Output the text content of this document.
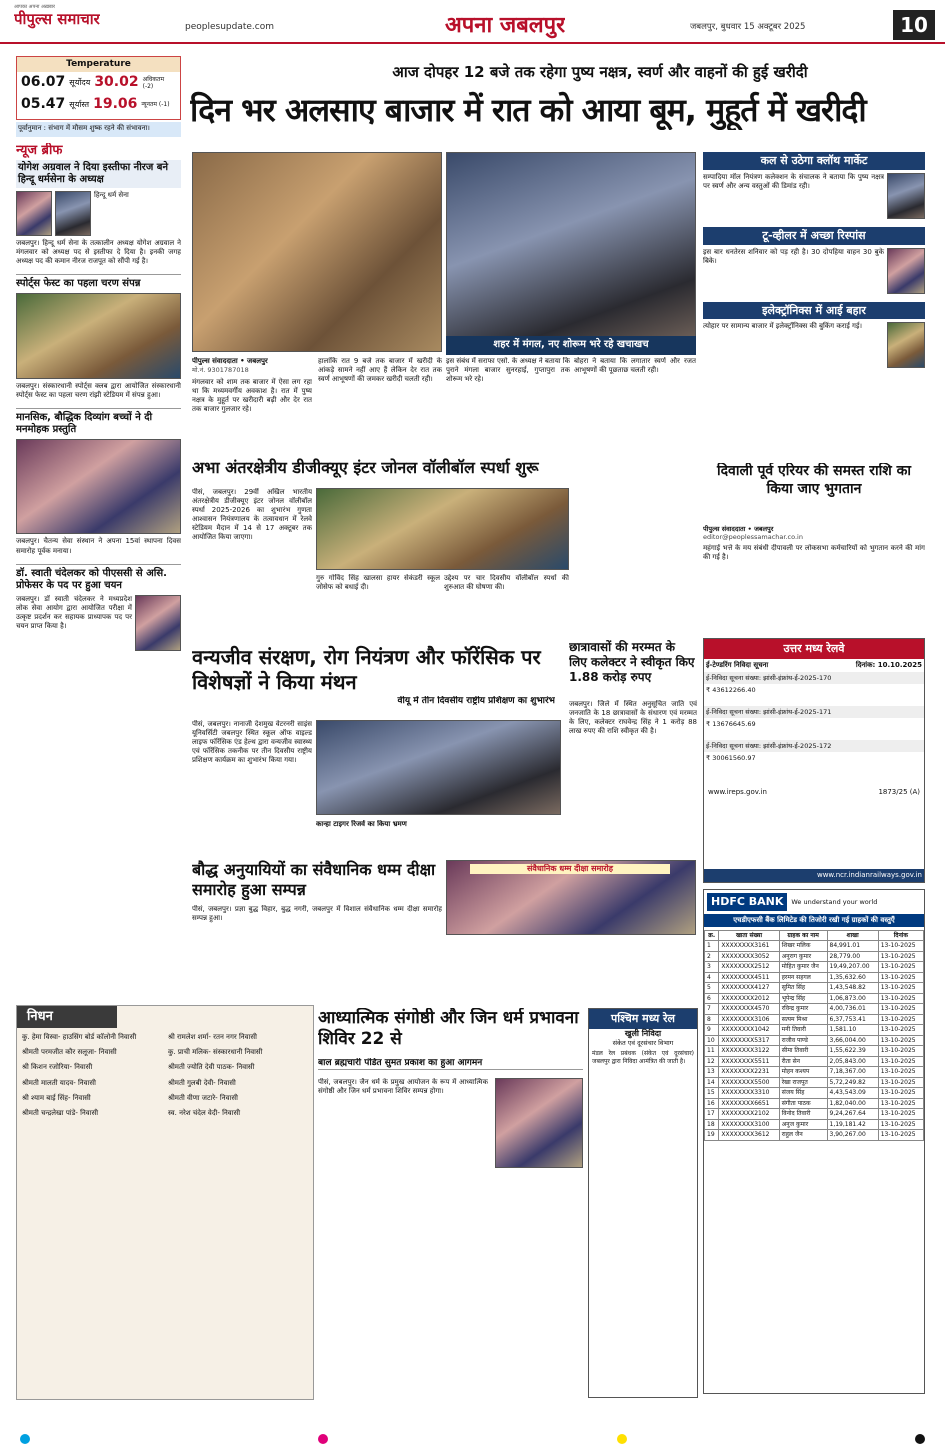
आपका अपना अख़बार
पीपुल्स समाचार	peoplesupdate.com	अपना जबलपुर	जबलपुर, बुधवार 15 अक्टूबर 2025	10
Temperature
06.07 सूर्योदय 30.02 अधिकतम (-2)
05.47 सूर्यास्त 19.06 न्यूनतम (-1)
पूर्वानुमान : संभाग में मौसम शुष्क रहने की संभावना।
आज दोपहर 12 बजे तक रहेगा पुष्य नक्षत्र, स्वर्ण और वाहनों की हुई खरीदी
दिन भर अलसाए बाजार में रात को आया बूम, मुहूर्त में खरीदी
न्यूज ब्रीफ
योगेश अग्रवाल ने दिया इस्तीफा नीरज बने हिन्दू धर्मसेना के अध्यक्ष
हिन्दू धर्म सेना
जबलपुर। हिन्दू धर्म सेना के तत्कालीन अध्यक्ष योगेश अग्रवाल ने मंगलवार को अध्यक्ष पद से इस्तीफा दे दिया है। इनकी जगह अध्यक्ष पद की कमान नीरज राजपूत को सौंपी गई है।
स्पोर्ट्स फेस्ट का पहला चरण संपन्न
जबलपुर। संस्कारधानी स्पोर्ट्स क्लब द्वारा आयोजित संस्कारधानी स्पोर्ट्स फेस्ट का पहला चरण रांझी स्टेडियम में संपन्न हुआ।
मानसिक, बौद्धिक दिव्यांग बच्चों ने दी मनमोहक प्रस्तुति
जबलपुर। चैतन्य सेवा संस्थान ने अपना 15वां स्थापना दिवस समारोह पूर्वक मनाया।
डॉ. स्वाती चंदेलकर को पीएससी से असि. प्रोफेसर के पद पर हुआ चयन
जबलपुर। डॉ स्वाती चंदेलकर ने मध्यप्रदेश लोक सेवा आयोग द्वारा आयोजित परीक्षा में उत्कृष्ट प्रदर्शन कर सहायक प्राध्यापक पद पर चयन प्राप्त किया है।
शहर में मंगल, नए शोरूम भरे रहे खचाखच
पीपुल्स संवाददाता • जबलपुर
मो.नं. 9301787018
मंगलवार को शाम तक बाजार में ऐसा लग रहा था कि मध्यमवर्गीय अवकाश है। रात में पुष्य नक्षत्र के मुहूर्त पर खरीदारी बढ़ी और देर रात तक बाजार गुलजार रहे।
हालांकि रात 9 बजे तक बाजार में खरीदी के आंकड़े सामने नहीं आए हैं लेकिन देर रात तक स्वर्ण आभूषणों की जमकर खरीदी चलती रही।
इस संबंध में सराफा एसो. के अध्यक्ष ने बताया कि पुराने मंगला बाजार सुनरहाई, गुप्तापुरा तक शोरूम भरे रहे।
बोहरा ने बताया कि लगातार स्वर्ण और रजत आभूषणों की पूछताछ चलती रही।
कल से उठेगा क्लॉथ मार्केट
सम्पादिया मॉल नियंत्रण कलेक्शन के संचालक ने बताया कि पुष्य नक्षत्र पर स्वर्ण और अन्य वस्तुओं की डिमांड रही।
टू-व्हीलर में अच्छा रिस्पांस
इस बार धनतेरस शनिवार को पड़ रही है। 30 दोपहिया वाहन 30 बुके बिके।
इलेक्ट्रॉनिक्स में आई बहार
त्योहार पर सामान्य बाजार में इलेक्ट्रॉनिक्स की बुकिंग कराई गई।
अभा अंतरक्षेत्रीय डीजीक्यूए इंटर जोनल वॉलीबॉल स्पर्धा शुरू
पीसं, जबलपुर। 29वीं अखिल भारतीय अंतरक्षेत्रीय डीजीक्यूए इंटर जोनल वॉलीबॉल स्पर्धा 2025-2026 का शुभारंभ गुणता आश्वासन नियंत्रणालय के तत्वावधान में रेलवे स्टेडियम मैदान में 14 से 17 अक्टूबर तक आयोजित किया जाएगा।
गुरु गोविंद सिंह खालसा हायर सेकंडरी स्कूल जोसेफ को बधाई दी।
उद्देश्य पर चार दिवसीय वॉलीबॉल स्पर्धा की शुरुआत की घोषणा की।
दिवाली पूर्व एरियर की समस्त राशि का किया जाए भुगतान
पीपुल्स संवाददाता • जबलपुर
editor@peoplessamachar.co.in
महंगाई भत्ते के मय संबंधी दीपावली पर लोकसभा कर्मचारियों को भुगतान करने की मांग की गई है।
वन्यजीव संरक्षण, रोग नियंत्रण और फॉरेंसिक पर विशेषज्ञों ने किया मंथन
वीयू में तीन दिवसीय राष्ट्रीय प्रशिक्षण का शुभारंभ
पीसं, जबलपुर। नानाजी देशमुख वेटरनरी साइंस यूनिवर्सिटी जबलपुर स्थित स्कूल ऑफ वाइल्ड लाइफ फॉरेंसिक एंड हेल्थ द्वारा वन्यजीव स्वास्थ्य एवं फॉरेंसिक तकनीक पर तीन दिवसीय राष्ट्रीय प्रशिक्षण कार्यक्रम का शुभारंभ किया गया।
कान्हा टाइगर रिजर्व का किया भ्रमण
छात्रावासों की मरम्मत के लिए कलेक्टर ने स्वीकृत किए 1.88 करोड़ रुपए
जबलपुर। जिले में स्थित अनुसूचित जाति एवं जनजाति के 18 छात्रावासों के संधारण एवं मरम्मत के लिए, कलेक्टर राघवेन्द्र सिंह ने 1 करोड़ 88 लाख रुपए की राशि स्वीकृत की है।
उत्तर मध्य रेलवे
ई-टेण्डरिंग निविदा सूचना	दिनांक: 10.10.2025
ई-निविदा सूचना संख्या: झांसी-इंफ्रांथ-ई-2025-170
₹ 43612266.40
ई-निविदा सूचना संख्या: झांसी-इंफ्रांथ-ई-2025-171
₹ 13676645.69
ई-निविदा सूचना संख्या: झांसी-इंफ्रांथ-ई-2025-172
₹ 30061560.97
www.ireps.gov.in	1873/25 (A)
www.ncr.indianrailways.gov.in
बौद्ध अनुयायियों का संवैधानिक धम्म दीक्षा समारोह हुआ सम्पन्न
पीसं, जबलपुर। प्रज्ञा बुद्ध विहार, बुद्ध नगरी, जबलपुर में विशाल संवैधानिक धम्म दीक्षा समारोह सम्पन्न हुआ।
संवैधानिक धम्म दीक्षा समारोह
HDFC BANK	We understand your world
एचडीएफसी बैंक लिमिटेड की तिजोरी रखी गई ग्राहकों की वस्तुएँ
क्र.	खाता संख्या	ग्राहक का नाम	शाखा	दिनांक
1	XXXXXXXX3161	शिखर मलिक	84,991.01	13-10-2025
2	XXXXXXXX3052	अनुराग कुमार	28,779.00	13-10-2025
3	XXXXXXXX2512	मोहित कुमार जैन	19,49,207.00	13-10-2025
4	XXXXXXXX4511	हरमन सहगल	1,35,632.60	13-10-2025
5	XXXXXXXX4127	सुमित सिंह	1,43,548.82	13-10-2025
6	XXXXXXXX2012	भूपेन्द्र सिंह	1,06,873.00	13-10-2025
7	XXXXXXXX4570	रविन्द्र कुमार	4,00,736.01	13-10-2025
8	XXXXXXXX3106	सत्यम मिश्रा	6,37,753.41	13-10-2025
9	XXXXXXXX1042	मनी तिवारी	1,581.10	13-10-2025
10	XXXXXXXX5317	राजीव पाण्डे	3,66,004.00	13-10-2025
11	XXXXXXXX3122	सीमा तिवारी	1,55,622.39	13-10-2025
12	XXXXXXXX5511	रीता सेन	2,05,843.00	13-10-2025
13	XXXXXXXX2231	मोहन कश्यप	7,18,367.00	13-10-2025
14	XXXXXXXX5500	रेखा राजपूत	5,72,249.82	13-10-2025
15	XXXXXXXX3310	संजय सिंह	4,43,543.09	13-10-2025
16	XXXXXXXX6651	संगीता पाठक	1,82,040.00	13-10-2025
17	XXXXXXXX2102	विनोद तिवारी	9,24,267.64	13-10-2025
18	XXXXXXXX3100	अनुज कुमार	1,19,181.42	13-10-2025
19	XXXXXXXX3612	राहुल जैन	3,90,267.00	13-10-2025
निधन
कु. हेमा विस्वा- हाउसिंग बोर्ड कॉलोनी निवासी	श्री रामलेश शर्मा- रतन नगर निवासी
श्रीमती परमजीत कौर सलूजा- निवासी	कु. प्राची मलिक- संस्कारधानी निवासी
श्री किशन रजोरिया- निवासी	श्रीमती ज्योति देवी पाठक- निवासी
श्रीमती मालती यादव- निवासी	श्रीमती गुलबी देवी- निवासी
श्री श्याम बाई सिंह- निवासी	श्रीमती वीणा जटारे- निवासी
श्रीमती चन्द्रलेखा पांडे- निवासी	स्व. नरेश चंदेल वेदी- निवासी
आध्यात्मिक संगोष्ठी और जिन धर्म प्रभावना शिविर 22 से
बाल ब्रह्मचारी पंडित सुमत प्रकाश का हुआ आगमन
पीसं, जबलपुर। जैन धर्म के प्रमुख आयोजन के रूप में आध्यात्मिक संगोष्ठी और जिन धर्म प्रभावना शिविर सम्पन्न होगा।
पश्चिम मध्य रेल
खुली निविदा
संकेत एवं दूरसंचार विभाग
मंडल रेल प्रबंधक (संकेत एवं दूरसंचार) जबलपुर द्वारा निविदा आमंत्रित की जाती है।
